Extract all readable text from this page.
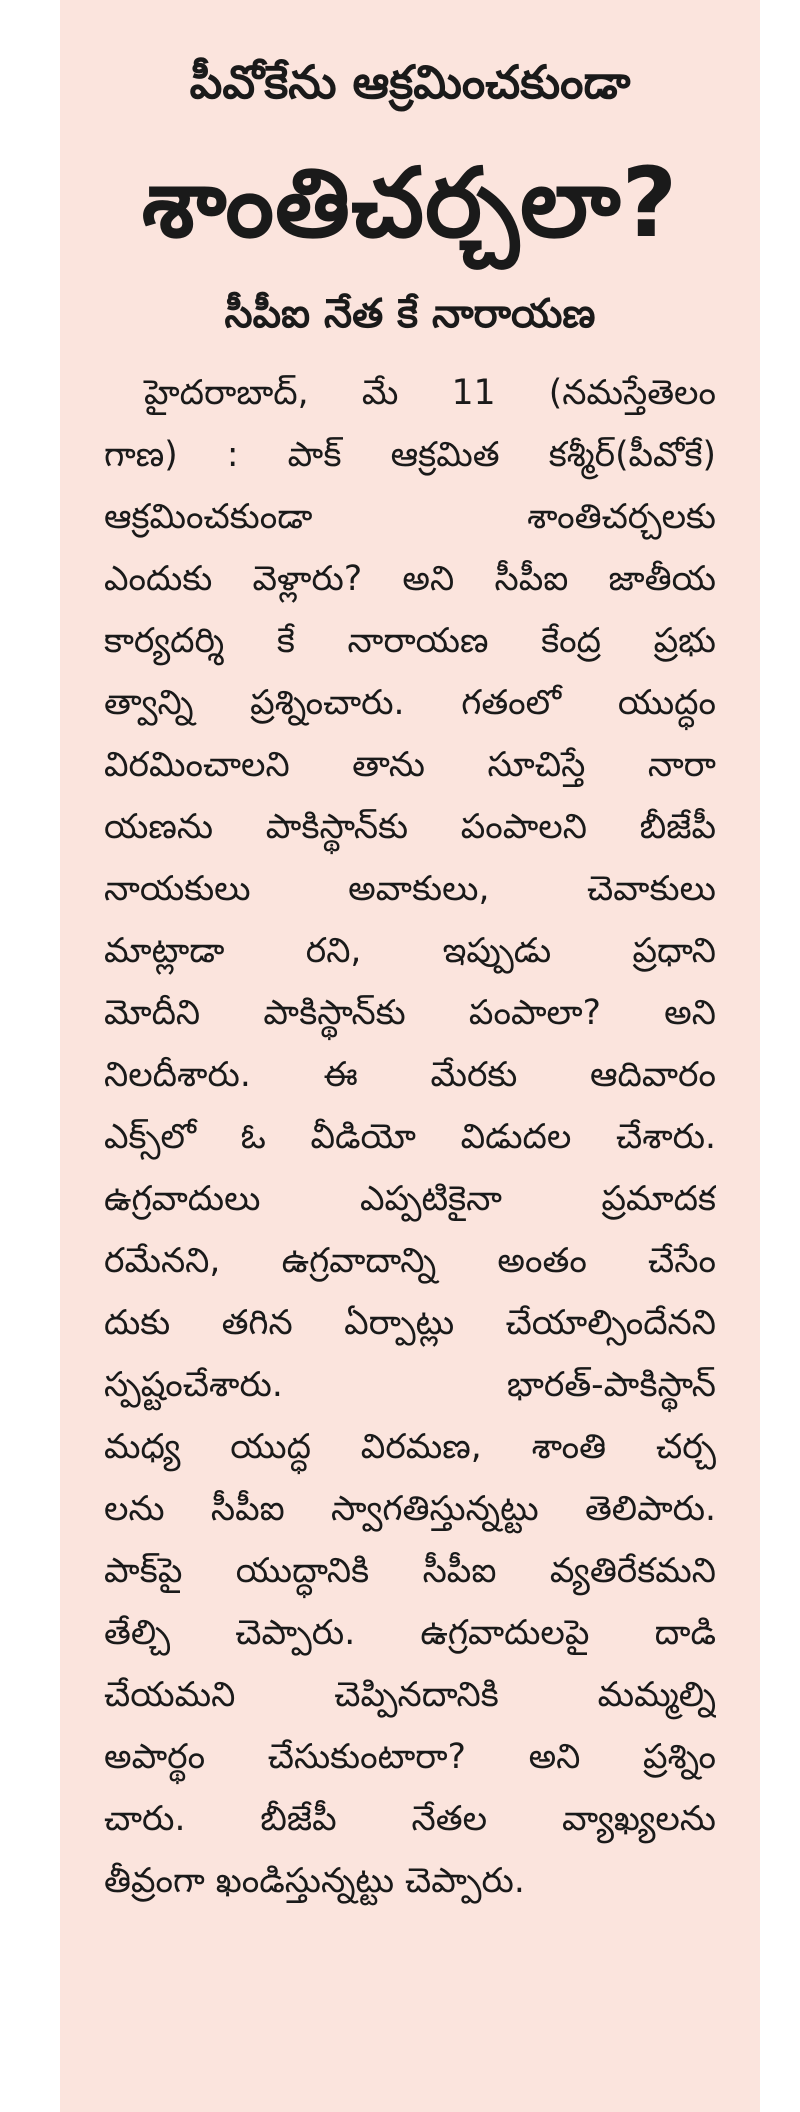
పీవోకేను ఆక్రమించకుండా
శాంతిచర్చలా?
సీపీఐ నేత కే నారాయణ
హైదరాబాద్, మే 11 (నమస్తేతెలం
గాణ) : పాక్ ఆక్రమిత కశ్మీర్(పీవోకే)
ఆక్రమించకుండా శాంతిచర్చలకు
ఎందుకు వెళ్లారు? అని సీపీఐ జాతీయ
కార్యదర్శి కే నారాయణ కేంద్ర ప్రభు
త్వాన్ని ప్రశ్నించారు. గతంలో యుద్ధం
విరమించాలని తాను సూచిస్తే నారా
యణను పాకిస్థాన్‌కు పంపాలని బీజేపీ
నాయకులు అవాకులు, చెవాకులు
మాట్లాడా రని, ఇప్పుడు ప్రధాని
మోదీని పాకిస్థాన్‌కు పంపాలా? అని
నిలదీశారు. ఈ మేరకు ఆదివారం
ఎక్స్‌లో ఓ వీడియో విడుదల చేశారు.
ఉగ్రవాదులు ఎప్పటికైనా ప్రమాదక
రమేనని, ఉగ్రవాదాన్ని అంతం చేసేం
దుకు తగిన ఏర్పాట్లు చేయాల్సిందేనని
స్పష్టంచేశారు. భారత్-పాకిస్థాన్
మధ్య యుద్ధ విరమణ, శాంతి చర్చ
లను సీపీఐ స్వాగతిస్తున్నట్టు తెలిపారు.
పాక్‌పై యుద్ధానికి సీపీఐ వ్యతిరేకమని
తేల్చి చెప్పారు. ఉగ్రవాదులపై దాడి
చేయమని చెప్పినదానికి మమ్మల్ని
అపార్థం చేసుకుంటారా? అని ప్రశ్నిం
చారు. బీజేపీ నేతల వ్యాఖ్యలను
తీవ్రంగా ఖండిస్తున్నట్టు చెప్పారు.
